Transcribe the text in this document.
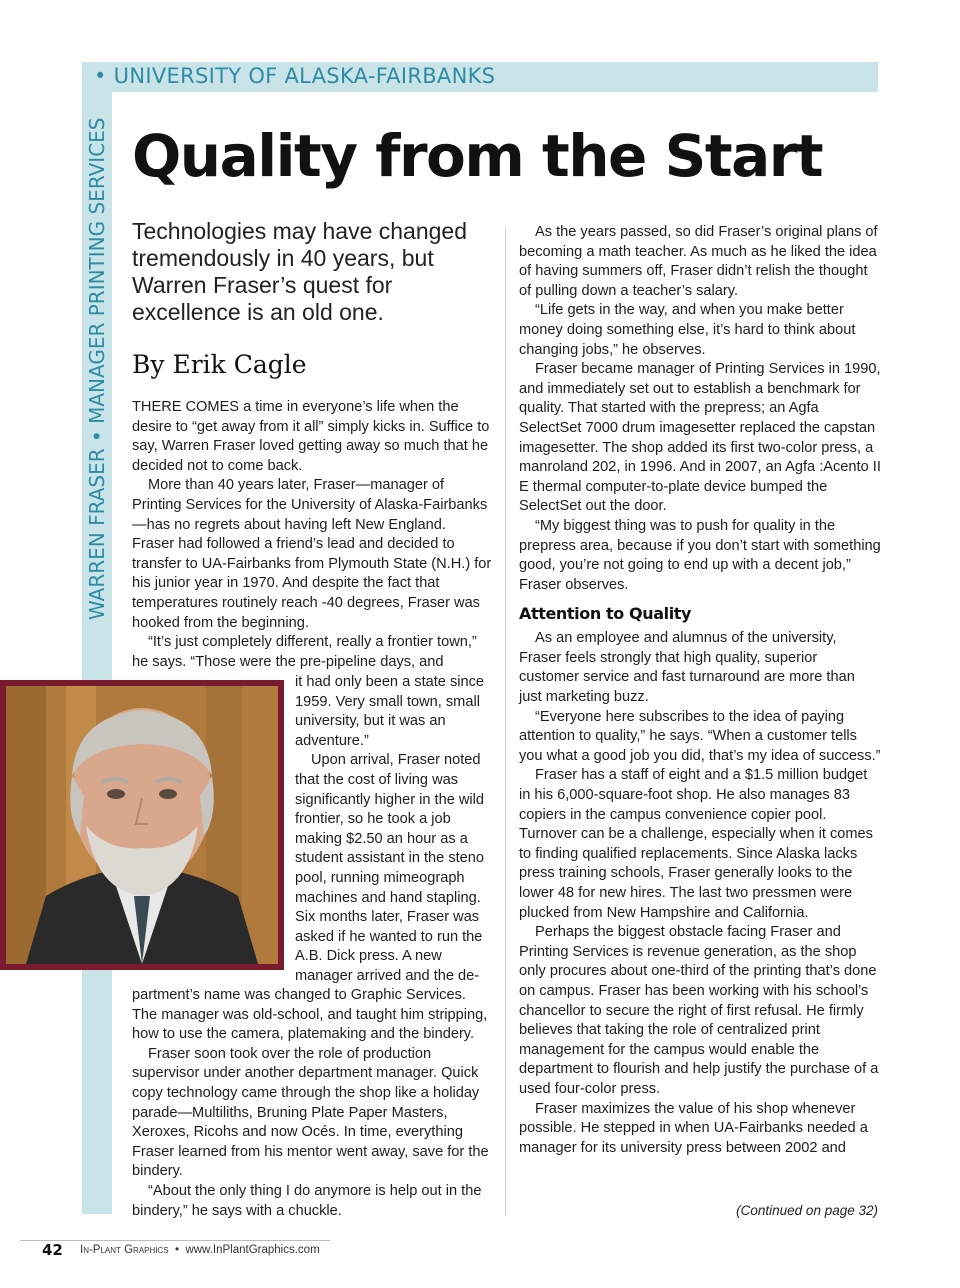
• UNIVERSITY OF ALASKA-FAIRBANKS
WARREN FRASER • MANAGER PRINTING SERVICES Quality from the Start
Technologies may have changed tremendously in 40 years, but Warren Fraser’s quest for excellence is an old one.
By Erik Cagle

THERE COMES a time in everyone’s life when the desire to “get away from it all” simply kicks in. Suffice to say, Warren Fraser loved getting away so much that he decided not to come back.

More than 40 years later, Fraser—manager of Printing Services for the University of Alaska-Fairbanks—has no regrets about having left New England. Fraser had followed a friend’s lead and decided to transfer to UA-Fairbanks from Plymouth State (N.H.) for his junior year in 1970. And despite the fact that temperatures routinely reach -40 degrees, Fraser was hooked from the beginning.

“It’s just completely different, really a frontier town,” he says. “Those were the pre-pipeline days, and

it had only been a state since 1959. Very small town, small university, but it was an adventure.”

Upon arrival, Fraser noted that the cost of living was significantly higher in the wild frontier, so he took a job making $2.50 an hour as a student assistant in the steno pool, running mimeograph machines and hand stapling. Six months later, Fraser was asked if he wanted to run the A.B. Dick press. A new manager arrived and the de-

partment’s name was changed to Graphic Services. The manager was old-school, and taught him stripping, how to use the camera, platemaking and the bindery.

Fraser soon took over the role of production supervisor under another department manager. Quick copy technology came through the shop like a holiday parade—Multiliths, Bruning Plate Paper Masters, Xeroxes, Ricohs and now Océs. In time, everything Fraser learned from his mentor went away, save for the bindery.

“About the only thing I do anymore is help out in the bindery,” he says with a chuckle.

As the years passed, so did Fraser’s original plans of becoming a math teacher. As much as he liked the idea of having summers off, Fraser didn’t relish the thought of pulling down a teacher’s salary.

“Life gets in the way, and when you make better money doing something else, it’s hard to think about changing jobs,” he observes.

Fraser became manager of Printing Services in 1990, and immediately set out to establish a benchmark for quality. That started with the prepress; an Agfa SelectSet 7000 drum imagesetter replaced the capstan imagesetter. The shop added its first two-color press, a manroland 202, in 1996. And in 2007, an Agfa :Acento II E thermal computer-to-plate device bumped the SelectSet out the door.

“My biggest thing was to push for quality in the prepress area, because if you don’t start with something good, you’re not going to end up with a decent job,” Fraser observes.

Attention to Quality

As an employee and alumnus of the university, Fraser feels strongly that high quality, superior customer service and fast turnaround are more than just marketing buzz.

“Everyone here subscribes to the idea of paying attention to quality,” he says. “When a customer tells you what a good job you did, that’s my idea of success.”

Fraser has a staff of eight and a $1.5 million budget in his 6,000-square-foot shop. He also manages 83 copiers in the campus convenience copier pool. Turnover can be a challenge, especially when it comes to finding qualified replacements. Since Alaska lacks press training schools, Fraser generally looks to the lower 48 for new hires. The last two pressmen were plucked from New Hampshire and California.

Perhaps the biggest obstacle facing Fraser and Printing Services is revenue generation, as the shop only procures about one-third of the printing that’s done on campus. Fraser has been working with his school’s chancellor to secure the right of first refusal. He firmly believes that taking the role of centralized print management for the campus would enable the department to flourish and help justify the purchase of a used four-color press.

Fraser maximizes the value of his shop whenever possible. He stepped in when UA-Fairbanks needed a manager for its university press between 2002 and

(Continued on page 32)
42 In-Plant Graphics • www.InPlantGraphics.com
